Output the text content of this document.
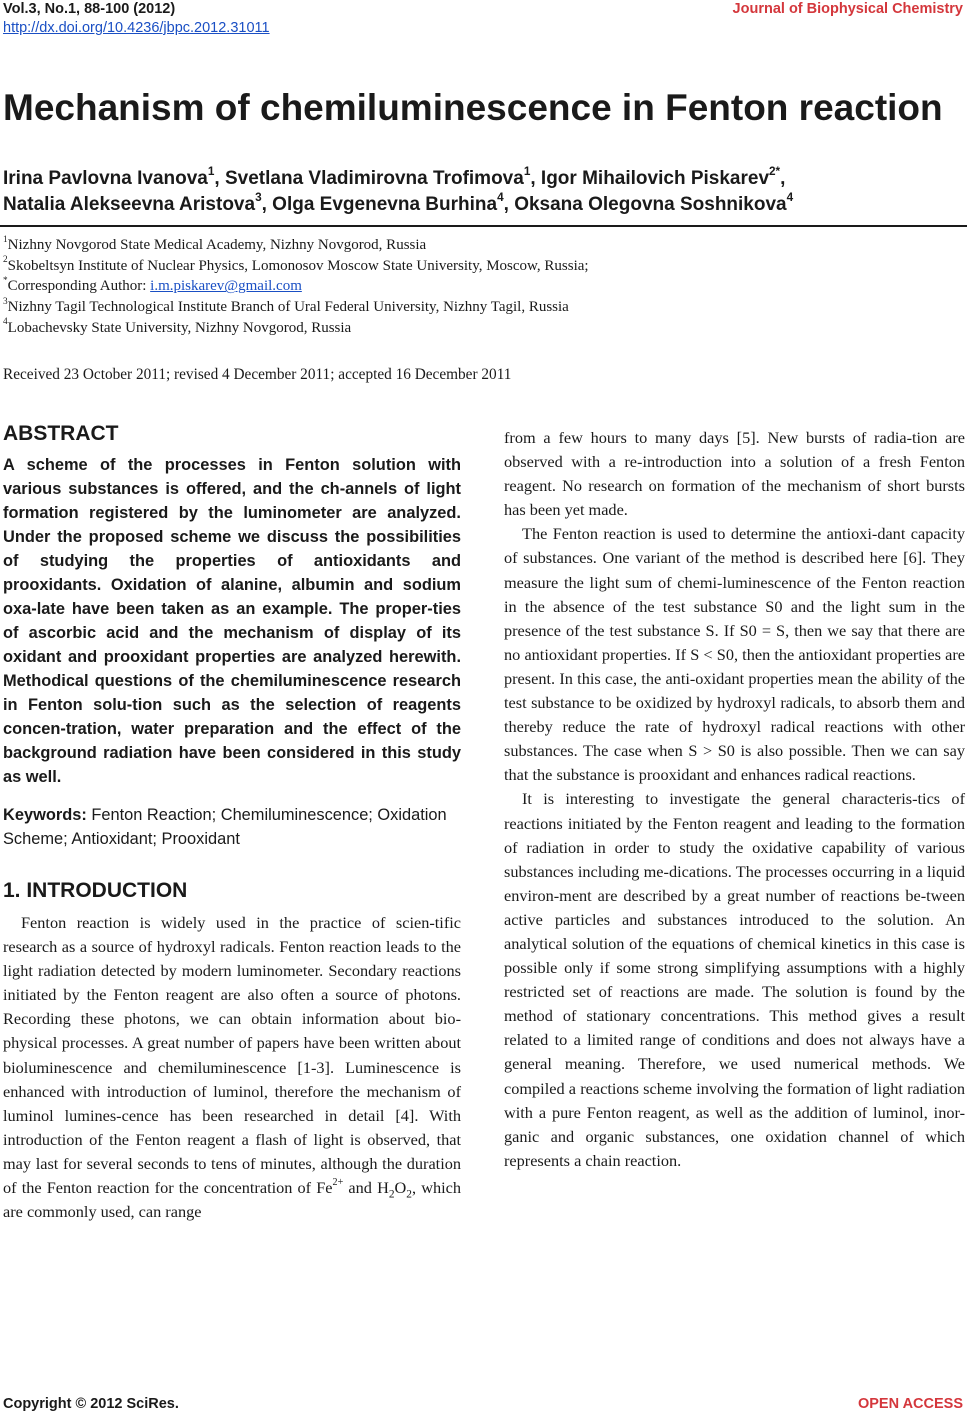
Vol.3, No.1, 88-100 (2012)
http://dx.doi.org/10.4236/jbpc.2012.31011
Journal of Biophysical Chemistry
Mechanism of chemiluminescence in Fenton reaction
Irina Pavlovna Ivanova$^1$, Svetlana Vladimirovna Trofimova$^1$, Igor Mihailovich Piskarev$^{2*}$,
Natalia Alekseevna Aristova$^3$, Olga Evgenevna Burhina$^4$, Oksana Olegovna Soshnikova$^4$
$^1$Nizhny Novgorod State Medical Academy, Nizhny Novgorod, Russia
$^2$Skobeltsyn Institute of Nuclear Physics, Lomonosov Moscow State University, Moscow, Russia;
*Corresponding Author: i.m.piskarev@gmail.com
$^3$Nizhny Tagil Technological Institute Branch of Ural Federal University, Nizhny Tagil, Russia
$^4$Lobachevsky State University, Nizhny Novgorod, Russia
Received 23 October 2011; revised 4 December 2011; accepted 16 December 2011
ABSTRACT
A scheme of the processes in Fenton solution with various substances is offered, and the ch-annels of light formation registered by the luminometer are analyzed. Under the proposed scheme we discuss the possibilities of studying the properties of antioxidants and prooxidants. Oxidation of alanine, albumin and sodium oxa-late have been taken as an example. The proper-ties of ascorbic acid and the mechanism of display of its oxidant and prooxidant properties are analyzed herewith. Methodical questions of the chemiluminescence research in Fenton solu-tion such as the selection of reagents concen-tration, water preparation and the effect of the background radiation have been considered in this study as well.
Keywords: Fenton Reaction; Chemiluminescence; Oxidation Scheme; Antioxidant; Prooxidant
1. INTRODUCTION
Fenton reaction is widely used in the practice of scien-tific research as a source of hydroxyl radicals. Fenton reaction leads to the light radiation detected by modern luminometer. Secondary reactions initiated by the Fenton reagent are also often a source of photons. Recording these photons, we can obtain information about bio-physical processes. A great number of papers have been written about bioluminescence and chemiluminescence [1-3]. Luminescence is enhanced with introduction of luminol, therefore the mechanism of luminol lumines-cence has been researched in detail [4]. With introduction of the Fenton reagent a flash of light is observed, that may last for several seconds to tens of minutes, although the duration of the Fenton reaction for the concentration of $Fe^{2+}$ and $H_2O_2$, which are commonly used, can range
from a few hours to many days [5]. New bursts of radia-tion are observed with a re-introduction into a solution of a fresh Fenton reagent. No research on formation of the mechanism of short bursts has been yet made.
The Fenton reaction is used to determine the antioxi-dant capacity of substances. One variant of the method is described here [6]. They measure the light sum of chemi-luminescence of the Fenton reaction in the absence of the test substance S0 and the light sum in the presence of the test substance S. If S0 = S, then we say that there are no antioxidant properties. If S < S0, then the antioxidant properties are present. In this case, the anti-oxidant properties mean the ability of the test substance to be oxidized by hydroxyl radicals, to absorb them and thereby reduce the rate of hydroxyl radical reactions with other substances. The case when S > S0 is also possible. Then we can say that the substance is prooxidant and enhances radical reactions.
It is interesting to investigate the general characteris-tics of reactions initiated by the Fenton reagent and leading to the formation of radiation in order to study the oxidative capability of various substances including me-dications. The processes occurring in a liquid environ-ment are described by a great number of reactions be-tween active particles and substances introduced to the solution. An analytical solution of the equations of chemical kinetics in this case is possible only if some strong simplifying assumptions with a highly restricted set of reactions are made. The solution is found by the method of stationary concentrations. This method gives a result related to a limited range of conditions and does not always have a general meaning. Therefore, we used numerical methods. We compiled a reactions scheme involving the formation of light radiation with a pure Fenton reagent, as well as the addition of luminol, inor-ganic and organic substances, one oxidation channel of which represents a chain reaction.
Copyright © 2012 SciRes.	OPEN ACCESS
